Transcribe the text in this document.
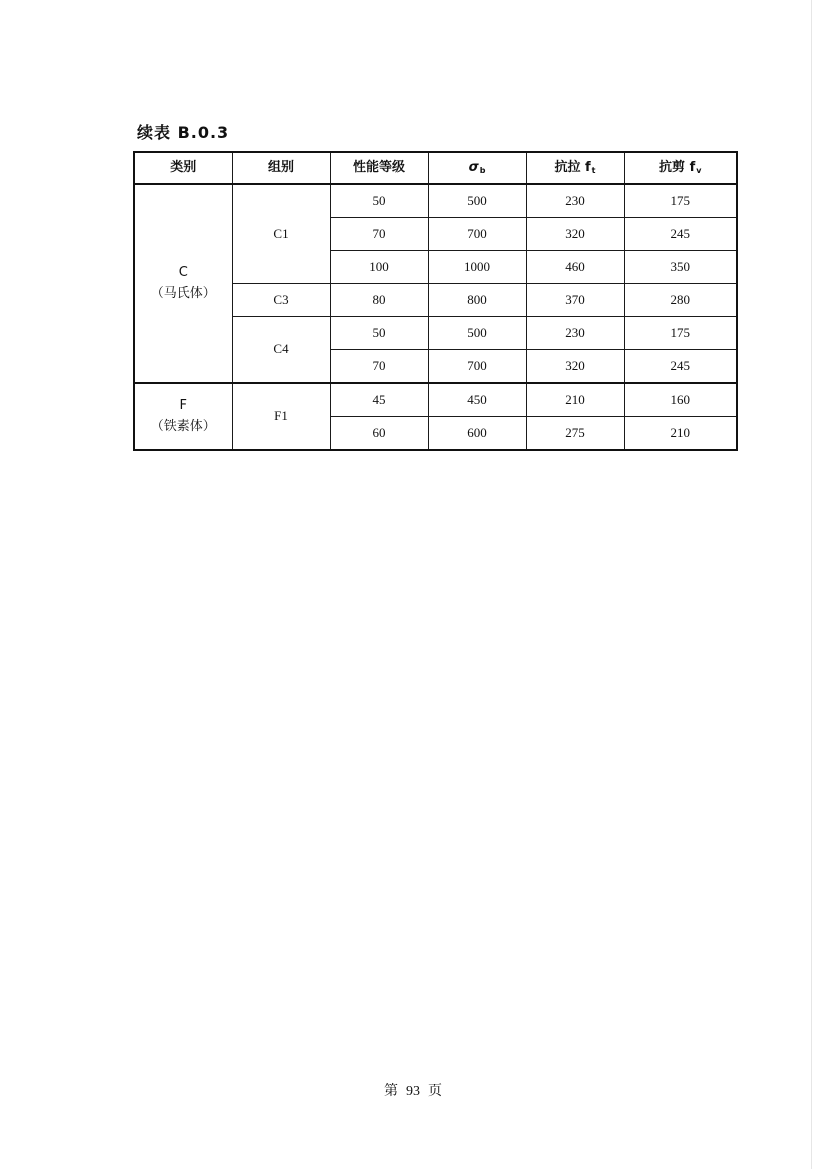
续表 B.0.3
类别	组别	性能等级	$\sigma_b$	抗拉 $f_t$	抗剪 $f_v$

C
（马氏体）	C1	50	500	230	175
		70	700	320	245
		100	1000	460	350
	C3	80	800	370	280
	C4	50	500	230	175
		70	700	320	245

F
（铁素体）	F1	45	450	210	160
		60	600	275	210
第 93 页
